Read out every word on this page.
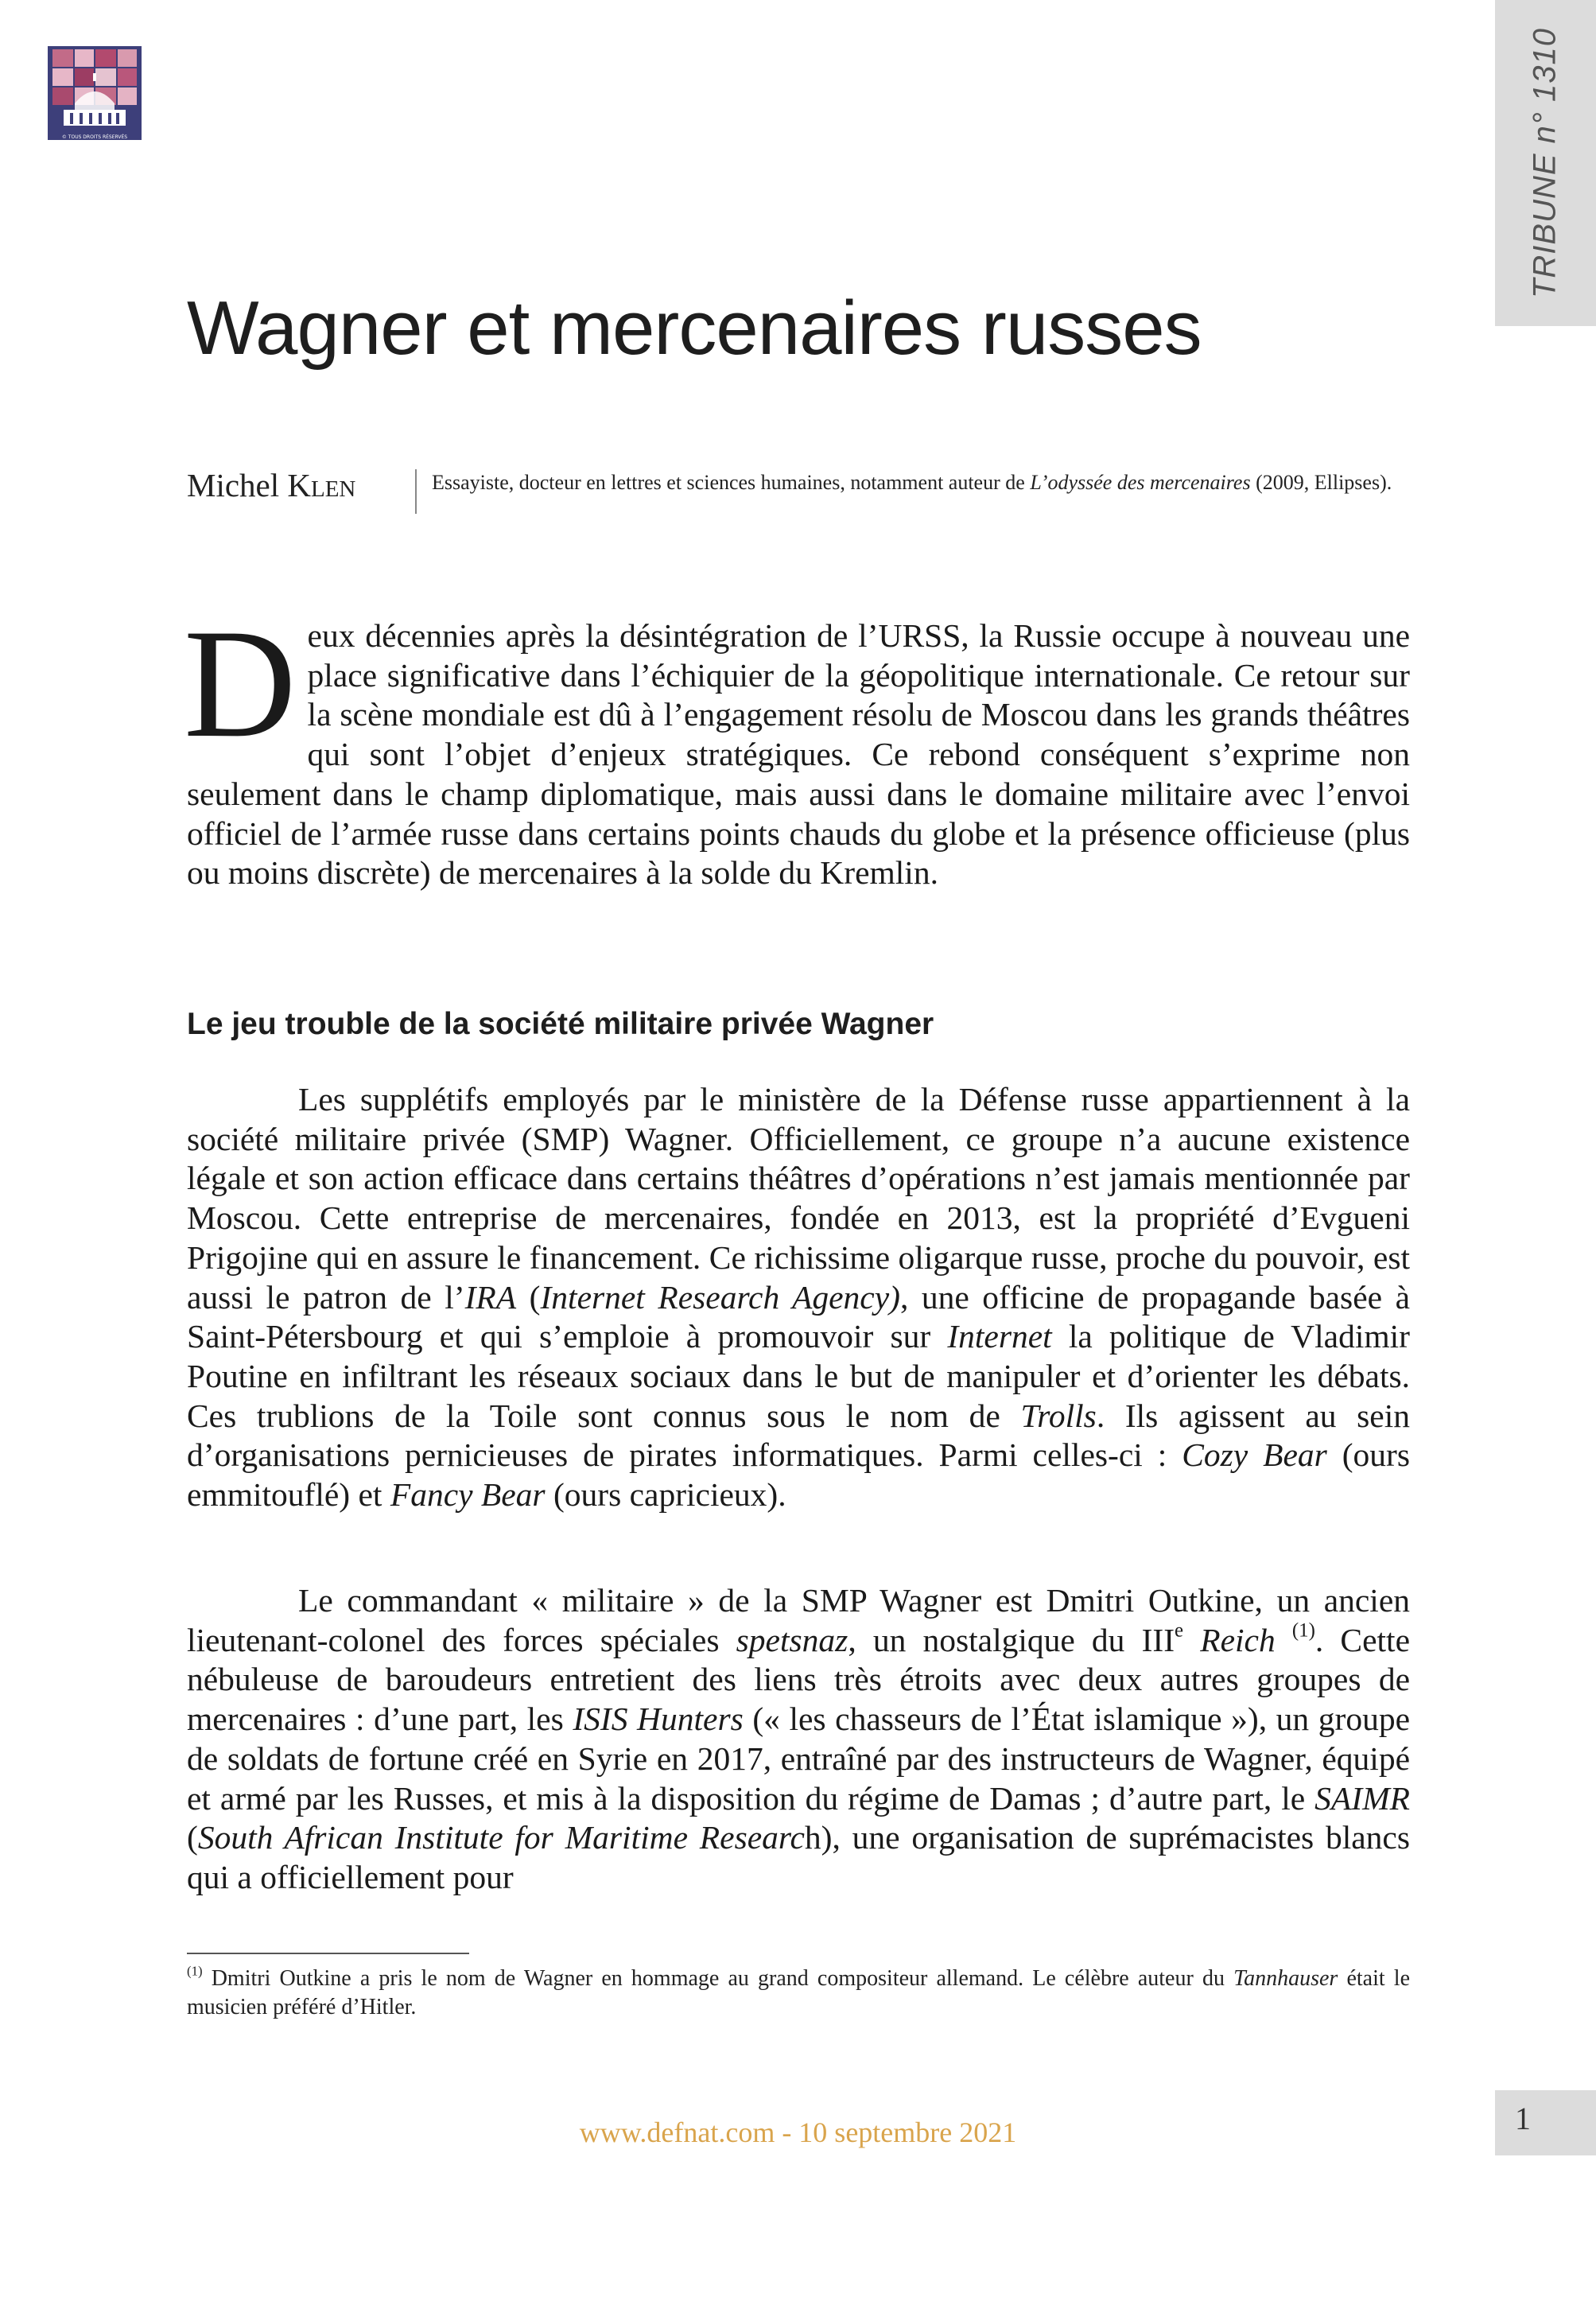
© TOUS DROITS RÉSERVÉS	TRIBUNE n° 1310
Wagner et mercenaires russes
Michel Klen	Essayiste, docteur en lettres et sciences humaines, notamment auteur de L’odyssée des mercenaires (2009, Ellipses).
Deux décennies après la désintégration de l’URSS, la Russie occupe à nouveau une place significative dans l’échiquier de la géopolitique internationale. Ce retour sur la scène mondiale est dû à l’engagement résolu de Moscou dans les grands théâtres qui sont l’objet d’enjeux stratégiques. Ce rebond conséquent s’exprime non seulement dans le champ diplomatique, mais aussi dans le domaine militaire avec l’envoi officiel de l’armée russe dans certains points chauds du globe et la présence officieuse (plus ou moins discrète) de mercenaires à la solde du Kremlin.
Le jeu trouble de la société militaire privée Wagner
Les supplétifs employés par le ministère de la Défense russe appartiennent à la société militaire privée (SMP) Wagner. Officiellement, ce groupe n’a aucune existence légale et son action efficace dans certains théâtres d’opérations n’est jamais mentionnée par Moscou. Cette entreprise de mercenaires, fondée en 2013, est la propriété d’Evgueni Prigojine qui en assure le financement. Ce richissime oligarque russe, proche du pouvoir, est aussi le patron de l’IRA (Internet Research Agency), une officine de propagande basée à Saint-Pétersbourg et qui s’emploie à promouvoir sur Internet la politique de Vladimir Poutine en infiltrant les réseaux sociaux dans le but de manipuler et d’orienter les débats. Ces trublions de la Toile sont connus sous le nom de Trolls. Ils agissent au sein d’organisations pernicieuses de pirates informatiques. Parmi celles-ci : Cozy Bear (ours emmitouflé) et Fancy Bear (ours capricieux).
Le commandant « militaire » de la SMP Wagner est Dmitri Outkine, un ancien lieutenant-colonel des forces spéciales spetsnaz, un nostalgique du IIIe Reich $^{(1)}$. Cette nébuleuse de baroudeurs entretient des liens très étroits avec deux autres groupes de mercenaires : d’une part, les ISIS Hunters (« les chasseurs de l’État islamique »), un groupe de soldats de fortune créé en Syrie en 2017, entraîné par des instructeurs de Wagner, équipé et armé par les Russes, et mis à la disposition du régime de Damas ; d’autre part, le SAIMR (South African Institute for Maritime Research), une organisation de suprémacistes blancs qui a officiellement pour
$^{(1)}$ Dmitri Outkine a pris le nom de Wagner en hommage au grand compositeur allemand. Le célèbre auteur du Tannhauser était le musicien préféré d’Hitler.
www.defnat.com - 10 septembre 2021	1
